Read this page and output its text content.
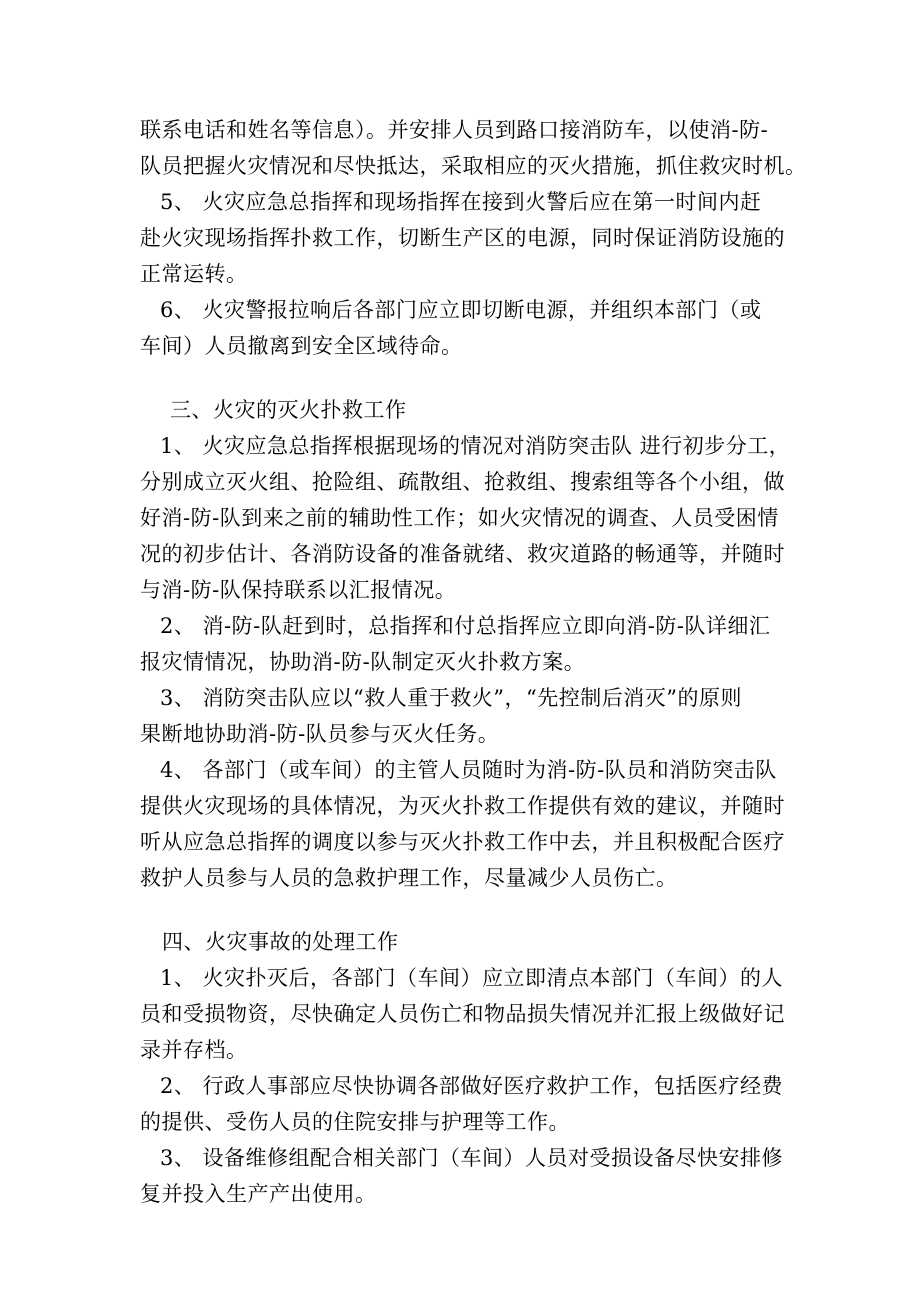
联系电话和姓名等信息）。并安排人员到路口接消防车，以使消-防-
队员把握火灾情况和尽快抵达，采取相应的灭火措施，抓住救灾时机。
5、 火灾应急总指挥和现场指挥在接到火警后应在第一时间内赶
赴火灾现场指挥扑救工作，切断生产区的电源，同时保证消防设施的
正常运转。
6、 火灾警报拉响后各部门应立即切断电源，并组织本部门（或
车间）人员撤离到安全区域待命。
三、火灾的灭火扑救工作
1、 火灾应急总指挥根据现场的情况对消防突击队 进行初步分工，
分别成立灭火组、抢险组、疏散组、抢救组、搜索组等各个小组，做
好消-防-队到来之前的辅助性工作；如火灾情况的调查、人员受困情
况的初步估计、各消防设备的准备就绪、救灾道路的畅通等，并随时
与消-防-队保持联系以汇报情况。
2、 消-防-队赶到时，总指挥和付总指挥应立即向消-防-队详细汇
报灾情情况，协助消-防-队制定灭火扑救方案。
3、 消防突击队应以“救人重于救火”，“先控制后消灭”的原则
果断地协助消-防-队员参与灭火任务。
4、 各部门（或车间）的主管人员随时为消-防-队员和消防突击队
提供火灾现场的具体情况，为灭火扑救工作提供有效的建议，并随时
听从应急总指挥的调度以参与灭火扑救工作中去，并且积极配合医疗
救护人员参与人员的急救护理工作，尽量减少人员伤亡。
四、火灾事故的处理工作
1、 火灾扑灭后，各部门（车间）应立即清点本部门（车间）的人
员和受损物资，尽快确定人员伤亡和物品损失情况并汇报上级做好记
录并存档。
2、 行政人事部应尽快协调各部做好医疗救护工作，包括医疗经费
的提供、受伤人员的住院安排与护理等工作。
3、 设备维修组配合相关部门（车间）人员对受损设备尽快安排修
复并投入生产产出使用。
